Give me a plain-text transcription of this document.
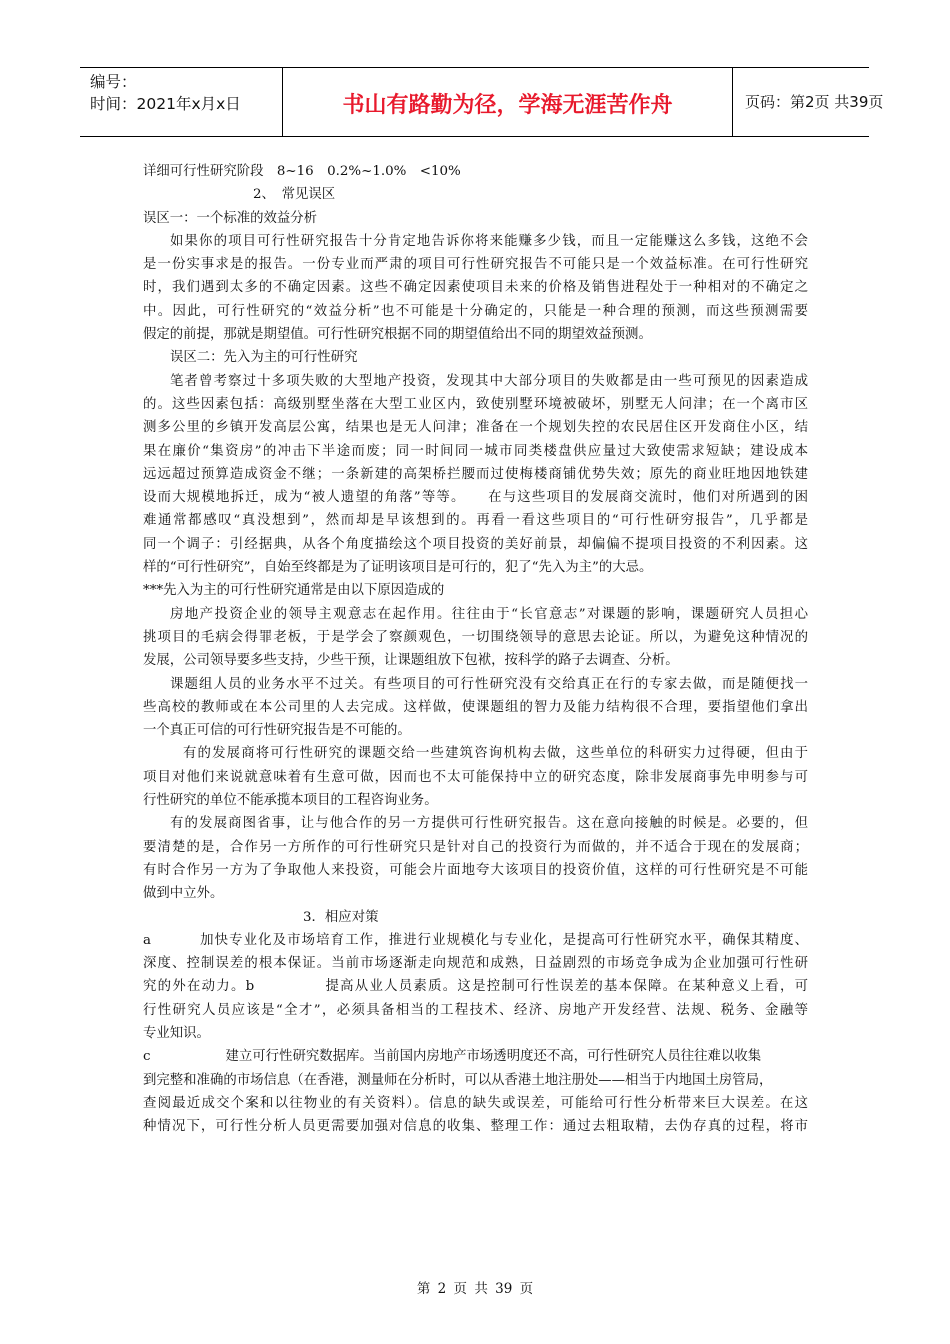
编号：
时间：2021年x月x日	书山有路勤为径，学海无涯苦作舟	页码：第2页 共39页
详细可行性研究阶段　8~16　0.2%~1.0%　<10%
2、　常见误区
误区一：一个标准的效益分析
如果你的项目可行性研究报告十分肯定地告诉你将来能赚多少钱，而且一定能赚这么多钱，这绝不会
是一份实事求是的报告。一份专业而严肃的项目可行性研究报告不可能只是一个效益标准。在可行性研究
时，我们遇到太多的不确定因素。这些不确定因素使项目未来的价格及销售进程处于一种相对的不确定之
中。因此，可行性研究的“效益分析”也不可能是十分确定的，只能是一种合理的预测，而这些预测需要
假定的前提，那就是期望值。可行性研究根据不同的期望值给出不同的期望效益预测。
误区二：先入为主的可行性研究
笔者曾考察过十多项失败的大型地产投资，发现其中大部分项目的失败都是由一些可预见的因素造成
的。这些因素包括：高级别墅坐落在大型工业区内，致使别墅环境被破坏，别墅无人问津；在一个离市区
测多公里的乡镇开发高层公寓，结果也是无人问津；准备在一个规划失控的农民居住区开发商住小区，结
果在廉价“集资房”的冲击下半途而废；同一时间同一城市同类楼盘供应量过大致使需求短缺；建设成本
远远超过预算造成资金不继；一条新建的高架桥拦腰而过使梅楼商铺优势失效；原先的商业旺地因地铁建
设而大规模地拆迁，成为“被人遗望的角落”等等。　　在与这些项目的发展商交流时，他们对所遇到的困
难通常都感叹“真没想到”，然而却是早该想到的。再看一看这些项目的“可行性研穷报告”，几乎都是
同一个调子：引经据典，从各个角度描绘这个项目投资的美好前景，却偏偏不提项目投资的不利因素。这
样的“可行性研究”，自始至终都是为了证明该项目是可行的，犯了“先入为主”的大忌。
***先入为主的可行性研究通常是由以下原因造成的
房地产投资企业的领导主观意志在起作用。往往由于“长官意志”对课题的影响，课题研究人员担心
挑项目的毛病会得罪老板，于是学会了察颜观色，一切围绕领导的意思去论证。所以，为避免这种情况的
发展，公司领导要多些支持，少些干预，让课题组放下包袱，按科学的路子去调查、分析。
课题组人员的业务水平不过关。有些项目的可行性研究没有交给真正在行的专家去做，而是随便找一
些高校的教师或在本公司里的人去完成。这样做，使课题组的智力及能力结构很不合理，要指望他们拿出
一个真正可信的可行性研究报告是不可能的。
有的发展商将可行性研究的课题交给一些建筑咨询机构去做，这些单位的科研实力过得硬，但由于
项目对他们来说就意味着有生意可做，因而也不太可能保持中立的研究态度，除非发展商事先申明参与可
行性研究的单位不能承揽本项目的工程咨询业务。
有的发展商图省事，让与他合作的另一方提供可行性研究报告。这在意向接触的时候是。必要的，但
要清楚的是，合作另一方所作的可行性研究只是针对自己的投资行为而做的，并不适合于现在的发展商；
有时合作另一方为了争取他人来投资，可能会片面地夸大该项目的投资价值，这样的可行性研究是不可能
做到中立外。
3．相应对策
a	加快专业化及市场培育工作，推进行业规模化与专业化，是提高可行性研究水平，确保其精度、
深度、控制误差的根本保证。当前市场逐渐走向规范和成熟，日益剧烈的市场竞争成为企业加强可行性研
究的外在动力。b	提高从业人员素质。这是控制可行性误差的基本保障。在某种意义上看，可
行性研究人员应该是“全才”，必须具备相当的工程技术、经济、房地产开发经营、法规、税务、金融等
专业知识。
c	建立可行性研究数据库。当前国内房地产市场透明度还不高，可行性研究人员往往难以收集
到完整和准确的市场信息（在香港，测量师在分析时，可以从香港土地注册处——相当于内地国土房管局，
查阅最近成交个案和以往物业的有关资料）。信息的缺失或误差，可能给可行性分析带来巨大误差。在这
种情况下，可行性分析人员更需要加强对信息的收集、整理工作：通过去粗取精，去伪存真的过程，将市
第 2 页 共 39 页
